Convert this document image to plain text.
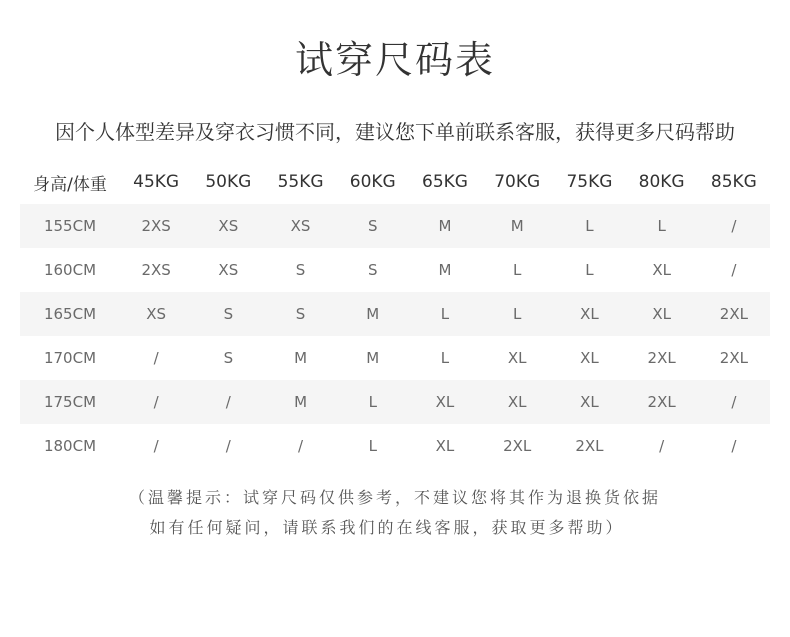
试穿尺码表
因个人体型差异及穿衣习惯不同，建议您下单前联系客服，获得更多尺码帮助
身高/体重	45KG	50KG	55KG	60KG	65KG	70KG	75KG	80KG	85KG
155CM	2XS	XS	XS	S	M	M	L	L	/
160CM	2XS	XS	S	S	M	L	L	XL	/
165CM	XS	S	S	M	L	L	XL	XL	2XL
170CM	/	S	M	M	L	XL	XL	2XL	2XL
175CM	/	/	M	L	XL	XL	XL	2XL	/
180CM	/	/	/	L	XL	2XL	2XL	/	/
（温馨提示：试穿尺码仅供参考，不建议您将其作为退换货依据
如有任何疑问，请联系我们的在线客服，获取更多帮助）
